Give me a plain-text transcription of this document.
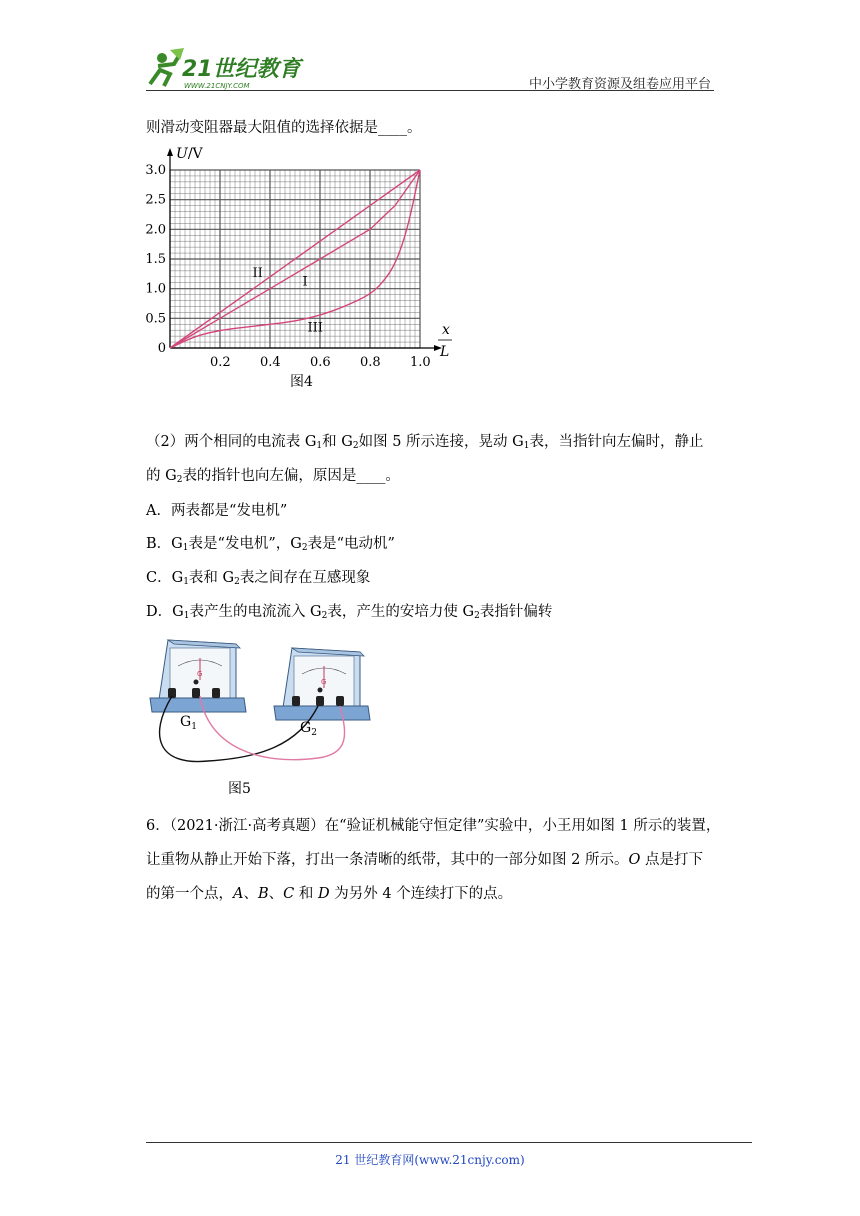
21世纪教育
WWW.21CNJY.COM	中小学教育资源及组卷应用平台
则滑动变阻器最大阻值的选择依据是____。
0.2 0.4 0.6 0.8 1.0
0
0.5
1.0
1.5
2.0
2.5
3.0
U/V
x
L
II
I
III
图4
（2）两个相同的电流表 $G_1$和 $G_2$如图 5 所示连接，晃动 $G_1$表，当指针向左偏时，静止
的 $G_2$表的指针也向左偏，原因是____。
A．两表都是“发电机”
B．$G_1$表是“发电机”，$G_2$表是“电动机”
C．$G_1$表和 $G_2$表之间存在互感现象
D．$G_1$表产生的电流流入 $G_2$表，产生的安培力使 $G_2$表指针偏转
G
G
$G_1$	$G_2$
图5
6．（2021·浙江·高考真题）在“验证机械能守恒定律”实验中，小王用如图 1 所示的装置，
让重物从静止开始下落，打出一条清晰的纸带，其中的一部分如图 2 所示。O 点是打下
的第一个点，A、B、C 和 D 为另外 4 个连续打下的点。
21 世纪教育网(www.21cnjy.com)
